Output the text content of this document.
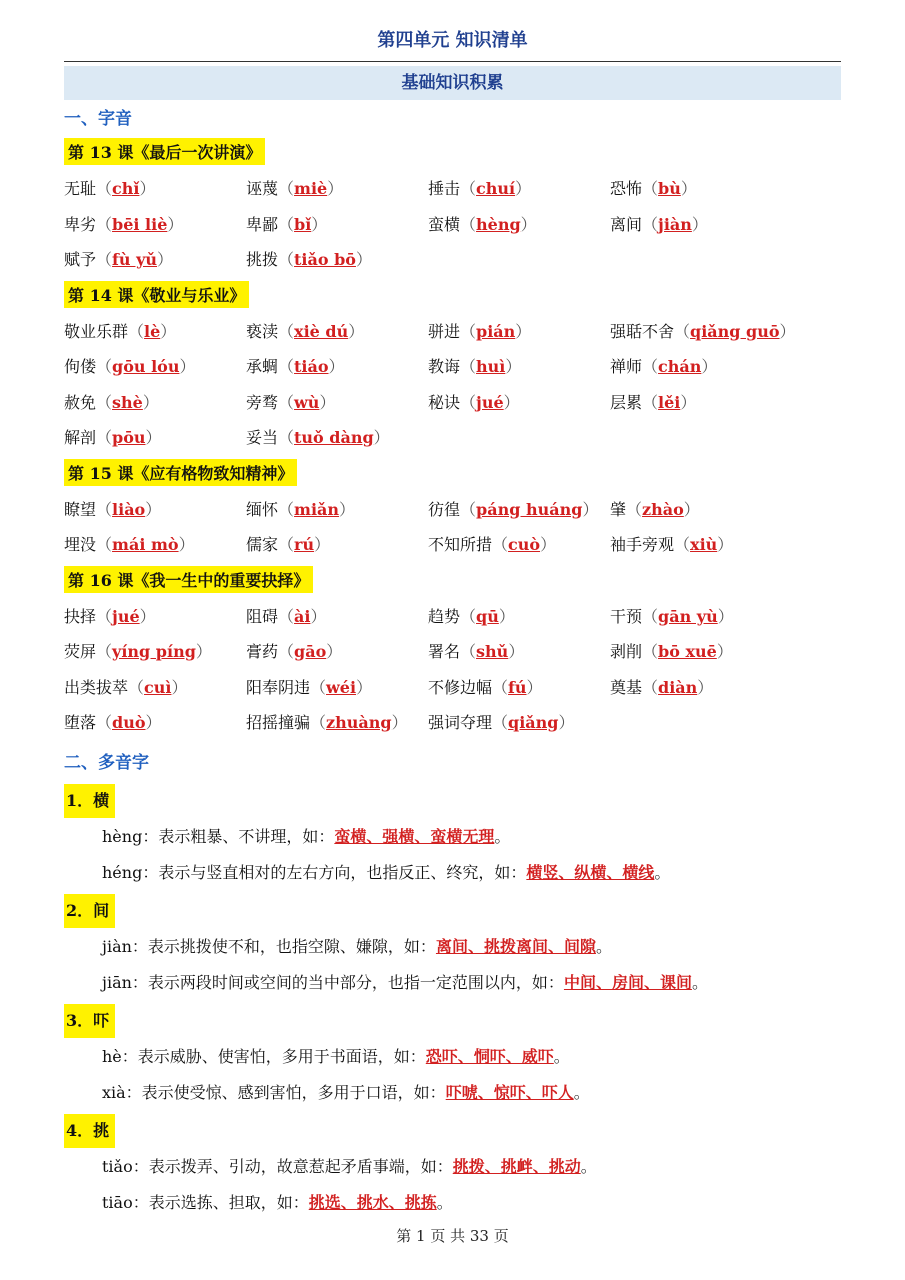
第四单元 知识清单
基础知识积累
一、字音
第 13 课《最后一次讲演》
无耻（chǐ）	诬蔑（miè）	捶击（chuí）	恐怖（bù）
卑劣（bēi liè）	卑鄙（bǐ）	蛮横（hèng）	离间（jiàn）
赋予（fù yǔ）	挑拨（tiǎo bō）
第 14 课《敬业与乐业》
敬业乐群（lè）	亵渎（xiè dú）	骈进（pián）	强聒不舍（qiǎng guō）
佝偻（gōu lóu）	承蜩（tiáo）	教诲（huì）	禅师（chán）
赦免（shè）	旁骛（wù）	秘诀（jué）	层累（lěi）
解剖（pōu）	妥当（tuǒ dàng）
第 15 课《应有格物致知精神》
瞭望（liào）	缅怀（miǎn）	彷徨（páng huáng） 肇（zhào）
埋没（mái mò）	儒家（rú）	不知所措（cuò）	袖手旁观（xiù）
第 16 课《我一生中的重要抉择》
抉择（jué）	阻碍（ài）	趋势（qū）	干预（gān yù）
荧屏（yíng píng）	膏药（gāo）	署名（shǔ）	剥削（bō xuē）
出类拔萃（cuì）	阳奉阴违（wéi）	不修边幅（fú）	奠基（diàn）
堕落（duò）	招摇撞骗（zhuàng）	强词夺理（qiǎng）
二、多音字
1．横
hèng：表示粗暴、不讲理，如：蛮横、强横、蛮横无理。
héng：表示与竖直相对的左右方向，也指反正、终究，如：横竖、纵横、横线。
2．间
jiàn：表示挑拨使不和，也指空隙、嫌隙，如：离间、挑拨离间、间隙。
jiān：表示两段时间或空间的当中部分，也指一定范围以内，如：中间、房间、课间。
3．吓
hè：表示威胁、使害怕，多用于书面语，如：恐吓、恫吓、威吓。
xià：表示使受惊、感到害怕，多用于口语，如：吓唬、惊吓、吓人。
4．挑
tiǎo：表示拨弄、引动，故意惹起矛盾事端，如：挑拨、挑衅、挑动。
tiāo：表示选拣、担取，如：挑选、挑水、挑拣。
第 1 页 共 33 页
